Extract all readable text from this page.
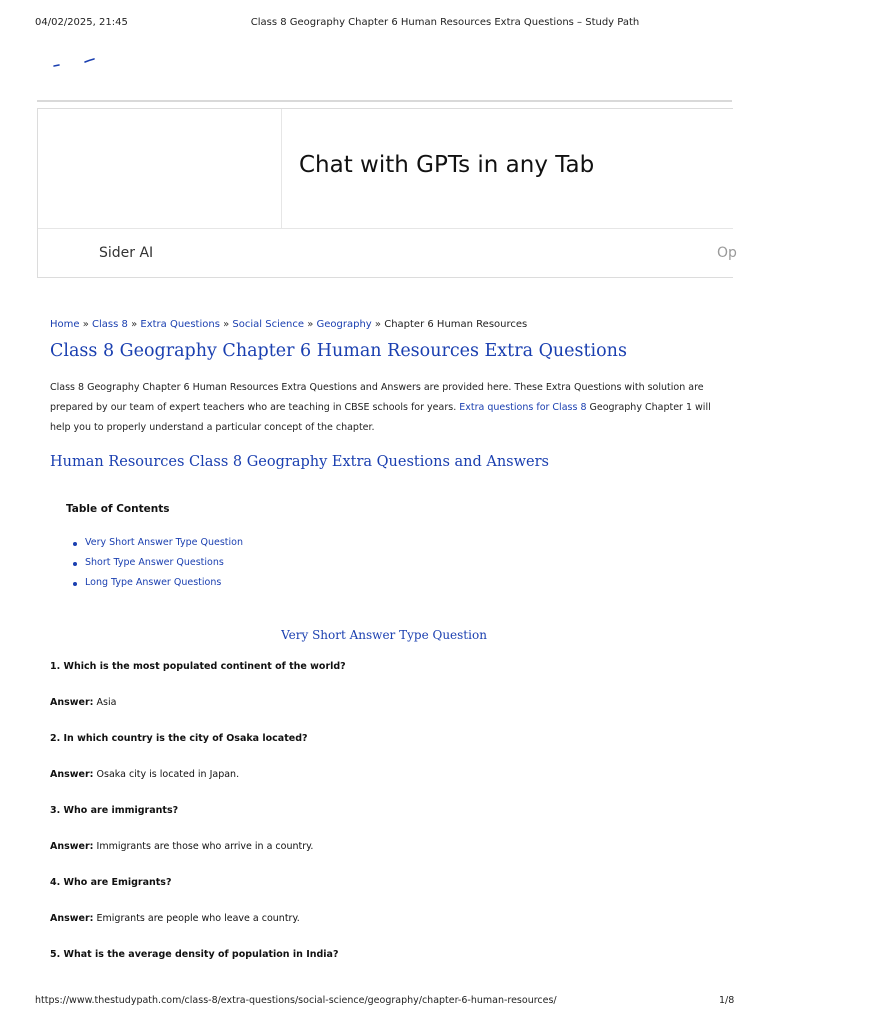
04/02/2025, 21:45	Class 8 Geography Chapter 6 Human Resources Extra Questions – Study Path
Chat with GPTs in any Tab
Sider AI	Op
Home » Class 8 » Extra Questions » Social Science » Geography » Chapter 6 Human Resources
Class 8 Geography Chapter 6 Human Resources Extra Questions
Class 8 Geography Chapter 6 Human Resources Extra Questions and Answers are provided here. These Extra Questions with solution are prepared by our team of expert teachers who are teaching in CBSE schools for years. Extra questions for Class 8 Geography Chapter 1 will help you to properly understand a particular concept of the chapter.
Human Resources Class 8 Geography Extra Questions and Answers
Table of Contents
Very Short Answer Type Question
Short Type Answer Questions
Long Type Answer Questions
Very Short Answer Type Question
1. Which is the most populated continent of the world?
Answer: Asia
2. In which country is the city of Osaka located?
Answer: Osaka city is located in Japan.
3. Who are immigrants?
Answer: Immigrants are those who arrive in a country.
4. Who are Emigrants?
Answer: Emigrants are people who leave a country.
5. What is the average density of population in India?
https://www.thestudypath.com/class-8/extra-questions/social-science/geography/chapter-6-human-resources/	1/8
